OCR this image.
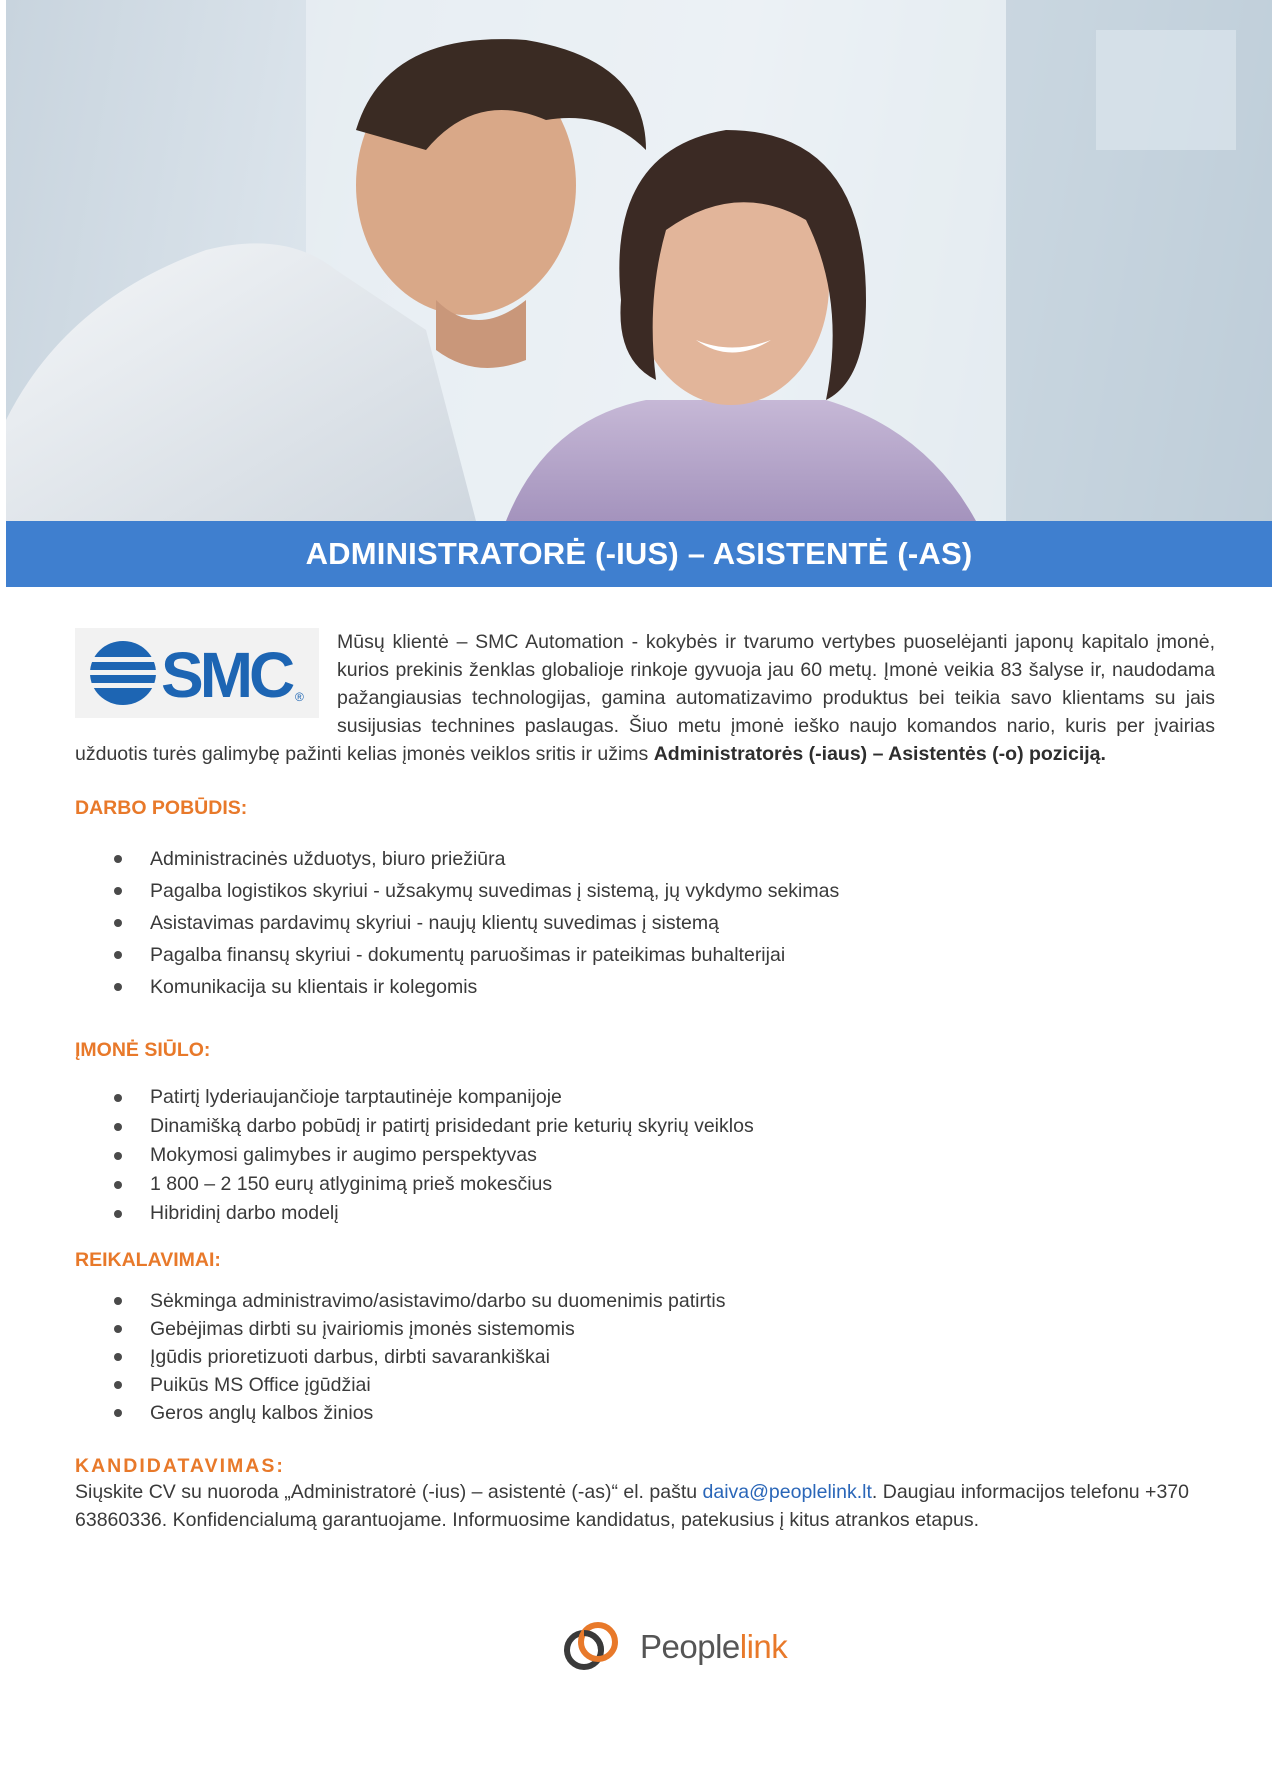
ADMINISTRATORĖ (-IUS) – ASISTENTĖ (-AS)
SMC ®

Mūsų klientė – SMC Automation - kokybės ir tvarumo vertybes puoselėjanti japonų kapitalo įmonė, kurios prekinis ženklas globalioje rinkoje gyvuoja jau 60 metų. Įmonė veikia 83 šalyse ir, naudodama pažangiausias technologijas, gamina automatizavimo produktus bei teikia savo klientams su jais susijusias technines paslaugas. Šiuo metu įmonė ieško naujo komandos nario, kuris per įvairias užduotis turės galimybę pažinti kelias įmonės veiklos sritis ir užims Administratorės (-iaus) – Asistentės (-o) poziciją.

DARBO POBŪDIS:

Administracinės užduotys, biuro priežiūra
Pagalba logistikos skyriui - užsakymų suvedimas į sistemą, jų vykdymo sekimas
Asistavimas pardavimų skyriui - naujų klientų suvedimas į sistemą
Pagalba finansų skyriui - dokumentų paruošimas ir pateikimas buhalterijai
Komunikacija su klientais ir kolegomis

ĮMONĖ SIŪLO:

Patirtį lyderiaujančioje tarptautinėje kompanijoje
Dinamišką darbo pobūdį ir patirtį prisidedant prie keturių skyrių veiklos
Mokymosi galimybes ir augimo perspektyvas
1 800 – 2 150 eurų atlyginimą prieš mokesčius
Hibridinį darbo modelį

REIKALAVIMAI:

Sėkminga administravimo/asistavimo/darbo su duomenimis patirtis
Gebėjimas dirbti su įvairiomis įmonės sistemomis
Įgūdis prioretizuoti darbus, dirbti savarankiškai
Puikūs MS Office įgūdžiai
Geros anglų kalbos žinios

KANDIDATAVIMAS:

Siųskite CV su nuoroda „Administratorė (-ius) – asistentė (-as)“ el. paštu daiva@peoplelink.lt. Daugiau informacijos telefonu +370 63860336. Konfidencialumą garantuojame. Informuosime kandidatus, patekusius į kitus atrankos etapus.

Peoplelink
